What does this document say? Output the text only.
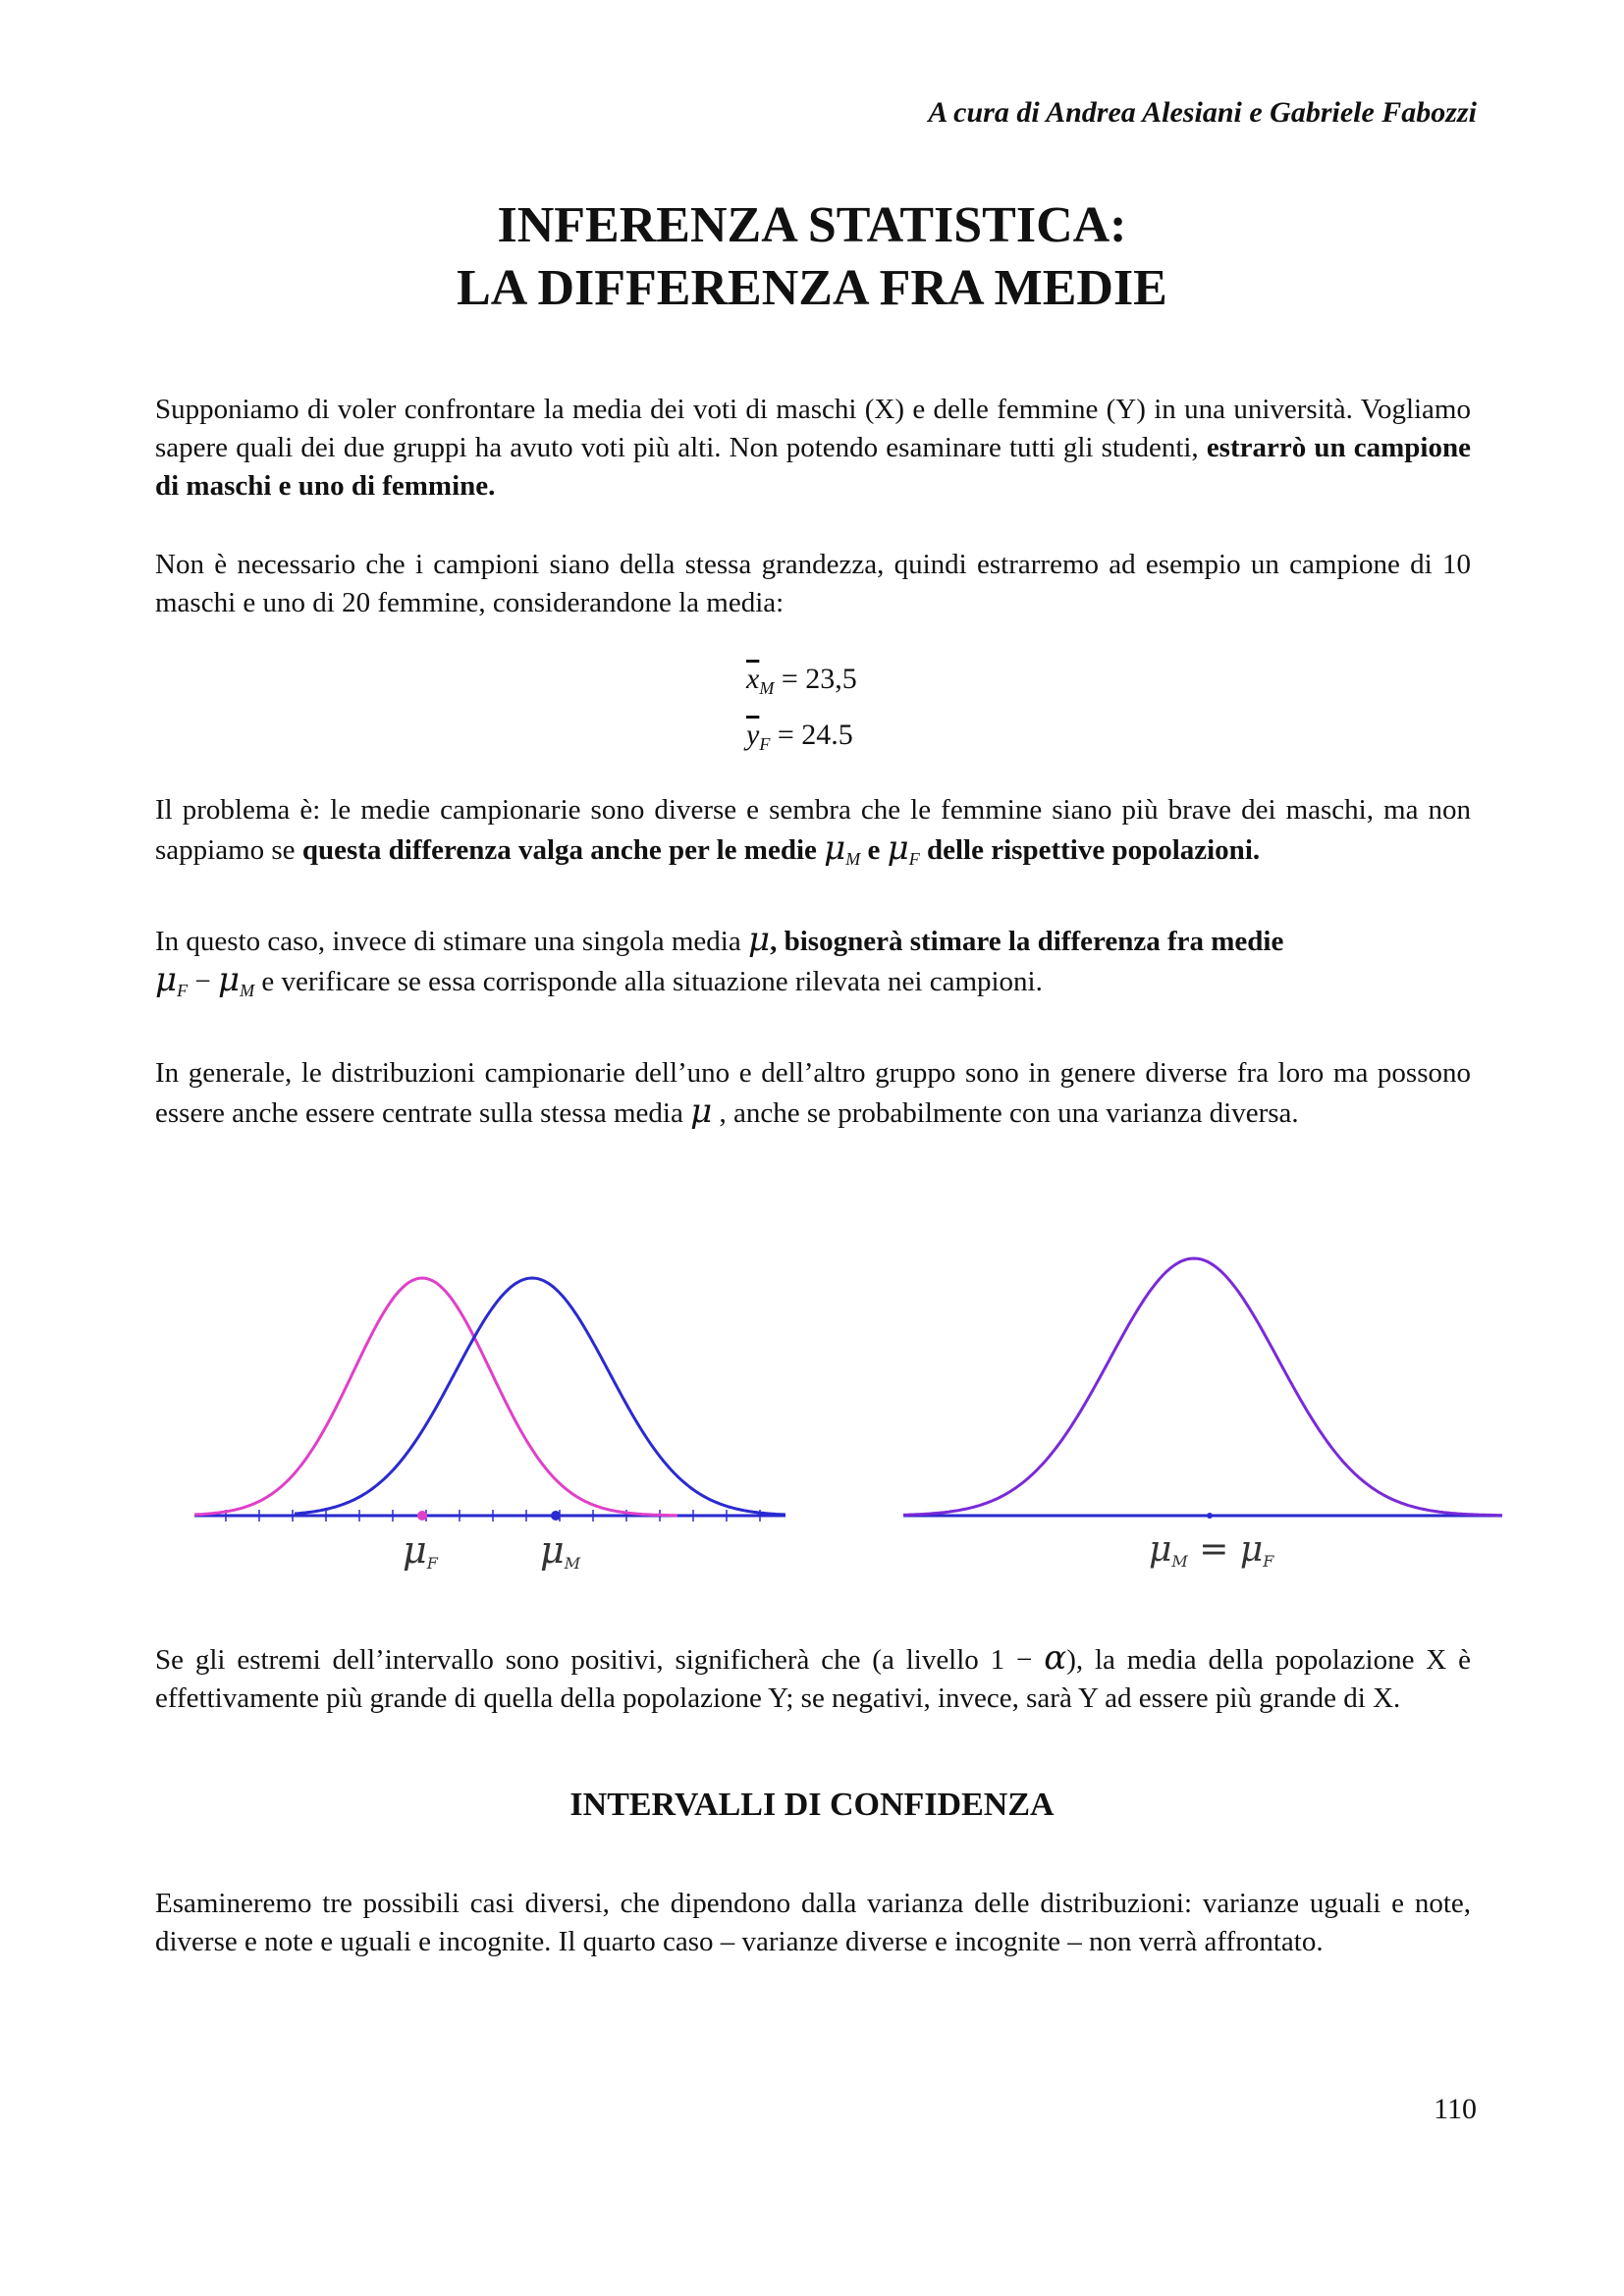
A cura di Andrea Alesiani e Gabriele Fabozzi
INFERENZA STATISTICA:
LA DIFFERENZA FRA MEDIE

Supponiamo di voler confrontare la media dei voti di maschi (X) e delle femmine (Y) in una università. Vogliamo sapere quali dei due gruppi ha avuto voti più alti. Non potendo esaminare tutti gli studenti, estrarrò un campione di maschi e uno di femmine.

Non è necessario che i campioni siano della stessa grandezza, quindi estrarremo ad esempio un campione di 10 maschi e uno di 20 femmine, considerandone la media:

$\overline{x}_M = 23,5$
$\overline{y}_F = 24.5$

Il problema è: le medie campionarie sono diverse e sembra che le femmine siano più brave dei maschi, ma non sappiamo se questa differenza valga anche per le medie $\mu_M$ e $\mu_F$ delle rispettive popolazioni.

In questo caso, invece di stimare una singola media μ, bisognerà stimare la differenza fra medie
$\mu_F - \mu_M$ e verificare se essa corrisponde alla situazione rilevata nei campioni.

In generale, le distribuzioni campionarie dell’uno e dell’altro gruppo sono in genere diverse fra loro ma possono essere anche essere centrate sulla stessa media μ , anche se probabilmente con una varianza diversa.

μF	μM	μM = μF

Se gli estremi dell’intervallo sono positivi, significherà che (a livello 1 − α), la media della popolazione X è effettivamente più grande di quella della popolazione Y; se negativi, invece, sarà Y ad essere più grande di X.

INTERVALLI DI CONFIDENZA

Esamineremo tre possibili casi diversi, che dipendono dalla varianza delle distribuzioni: varianze uguali e note, diverse e note e uguali e incognite. Il quarto caso – varianze diverse e incognite – non verrà affrontato.

110
